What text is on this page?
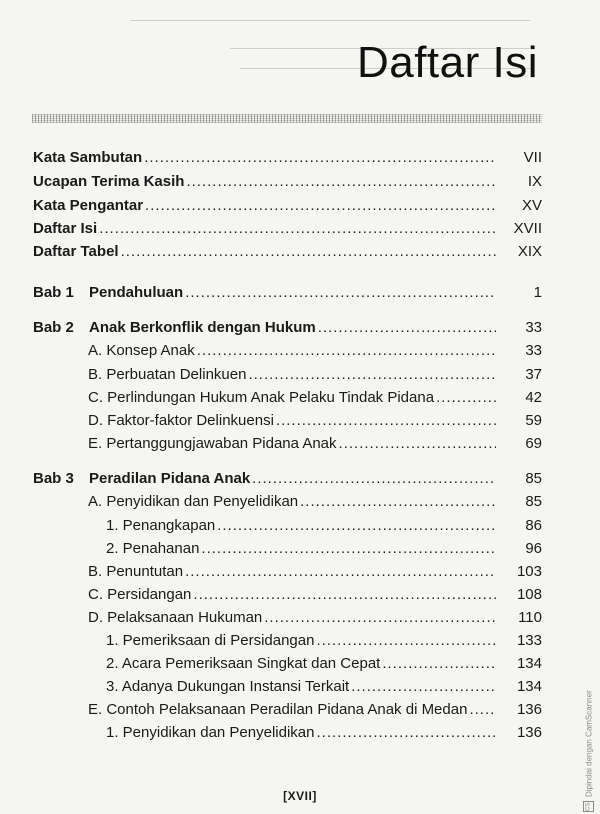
Daftar Isi
Kata Sambutan .....	VII
Ucapan Terima Kasih .....	IX
Kata Pengantar .....	XV
Daftar Isi .....	XVII
Daftar Tabel .....	XIX
Bab 1 Pendahuluan .....	1
Bab 2 Anak Berkonflik dengan Hukum .....	33
A. Konsep Anak .....	33
B. Perbuatan Delinkuen .....	37
C. Perlindungan Hukum Anak Pelaku Tindak Pidana .....	42
D. Faktor-faktor Delinkuensi .....	59
E. Pertanggungjawaban Pidana Anak .....	69
Bab 3 Peradilan Pidana Anak .....	85
A. Penyidikan dan Penyelidikan .....	85
1. Penangkapan .....	86
2. Penahanan .....	96
B. Penuntutan .....	103
C. Persidangan .....	108
D. Pelaksanaan Hukuman .....	110
1. Pemeriksaan di Persidangan .....	133
2. Acara Pemeriksaan Singkat dan Cepat .....	134
3. Adanya Dukungan Instansi Terkait .....	134
E. Contoh Pelaksanaan Peradilan Pidana Anak di Medan .....	136
1. Penyidikan dan Penyelidikan .....	136
[XVII]
CS
Dipindai dengan CamScanner
